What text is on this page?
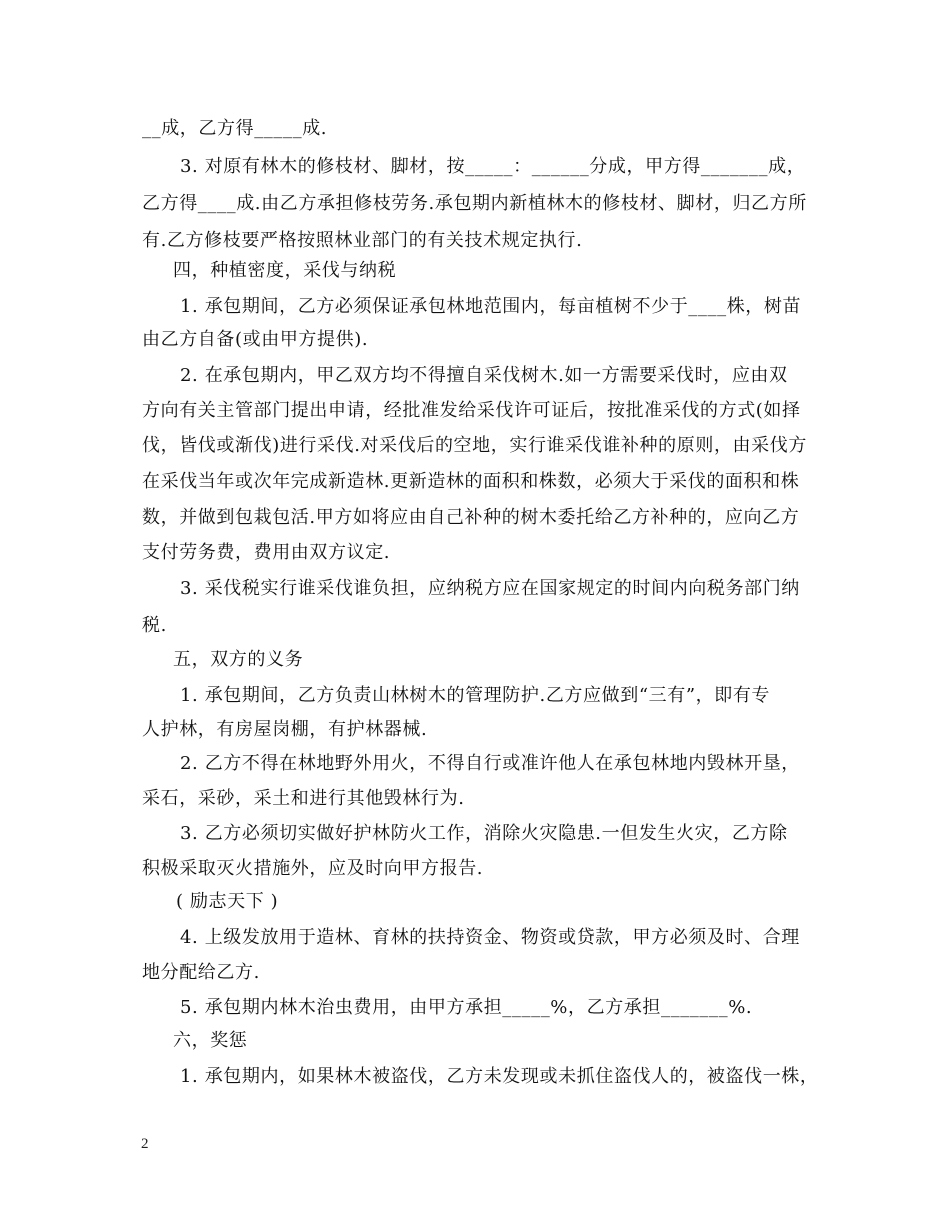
__成，乙方得_____成.
3. 对原有林木的修枝材、脚材，按_____：______分成，甲方得_______成，
乙方得____成.由乙方承担修枝劳务.承包期内新植林木的修枝材、脚材，归乙方所
有.乙方修枝要严格按照林业部门的有关技术规定执行.
四，种植密度，采伐与纳税
1. 承包期间，乙方必须保证承包林地范围内，每亩植树不少于____株，树苗
由乙方自备(或由甲方提供).
2. 在承包期内，甲乙双方均不得擅自采伐树木.如一方需要采伐时，应由双
方向有关主管部门提出申请，经批准发给采伐许可证后，按批准采伐的方式(如择
伐，皆伐或渐伐)进行采伐.对采伐后的空地，实行谁采伐谁补种的原则，由采伐方
在采伐当年或次年完成新造林.更新造林的面积和株数，必须大于采伐的面积和株
数，并做到包栽包活.甲方如将应由自己补种的树木委托给乙方补种的，应向乙方
支付劳务费，费用由双方议定.
3. 采伐税实行谁采伐谁负担，应纳税方应在国家规定的时间内向税务部门纳
税.
五，双方的义务
1. 承包期间，乙方负责山林树木的管理防护.乙方应做到“三有”，即有专
人护林，有房屋岗棚，有护林器械.
2. 乙方不得在林地野外用火，不得自行或准许他人在承包林地内毁林开垦，
采石，采砂，采土和进行其他毁林行为.
3. 乙方必须切实做好护林防火工作，消除火灾隐患.一但发生火灾，乙方除
积极采取灭火措施外，应及时向甲方报告.
( 励志天下 )
4. 上级发放用于造林、育林的扶持资金、物资或贷款，甲方必须及时、合理
地分配给乙方.
5. 承包期内林木治虫费用，由甲方承担_____%，乙方承担_______%.
六，奖惩
1. 承包期内，如果林木被盗伐，乙方未发现或未抓住盗伐人的，被盗伐一株，
2
